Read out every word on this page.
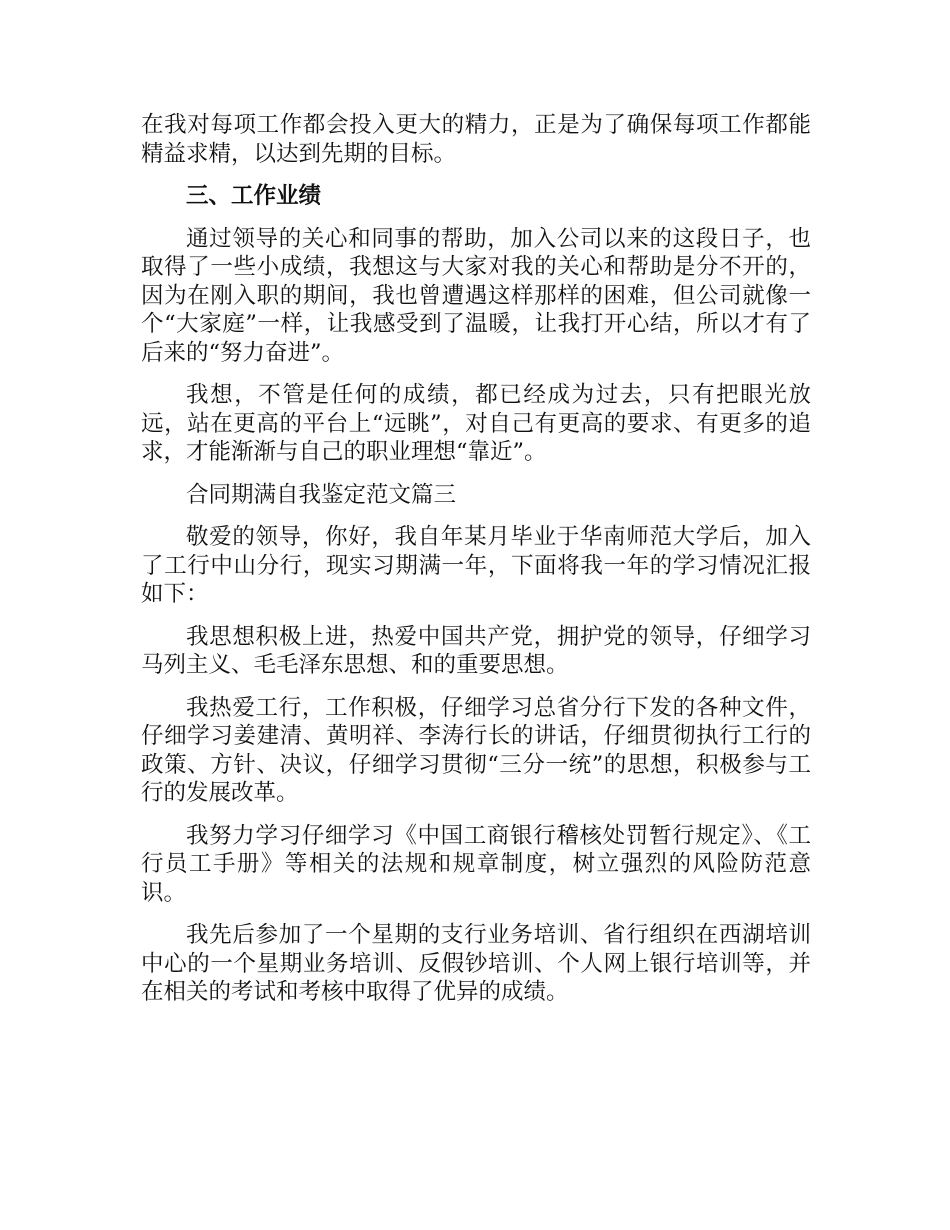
在我对每项工作都会投入更大的精力，正是为了确保每项工作都能精益求精，以达到先期的目标。

三、工作业绩

通过领导的关心和同事的帮助，加入公司以来的这段日子，也取得了一些小成绩，我想这与大家对我的关心和帮助是分不开的，因为在刚入职的期间，我也曾遭遇这样那样的困难，但公司就像一个“大家庭”一样，让我感受到了温暖，让我打开心结，所以才有了后来的“努力奋进”。

我想，不管是任何的成绩，都已经成为过去，只有把眼光放远，站在更高的平台上“远眺”，对自己有更高的要求、有更多的追求，才能渐渐与自己的职业理想“靠近”。

合同期满自我鉴定范文篇三

敬爱的领导，你好，我自年某月毕业于华南师范大学后，加入了工行中山分行，现实习期满一年，下面将我一年的学习情况汇报如下：

我思想积极上进，热爱中国共产党，拥护党的领导，仔细学习马列主义、毛毛泽东思想、和的重要思想。

我热爱工行，工作积极，仔细学习总省分行下发的各种文件，仔细学习姜建清、黄明祥、李涛行长的讲话，仔细贯彻执行工行的政策、方针、决议，仔细学习贯彻“三分一统”的思想，积极参与工行的发展改革。

我努力学习仔细学习《中国工商银行稽核处罚暂行规定》、《工行员工手册》等相关的法规和规章制度，树立强烈的风险防范意识。

我先后参加了一个星期的支行业务培训、省行组织在西湖培训中心的一个星期业务培训、反假钞培训、个人网上银行培训等，并在相关的考试和考核中取得了优异的成绩。
